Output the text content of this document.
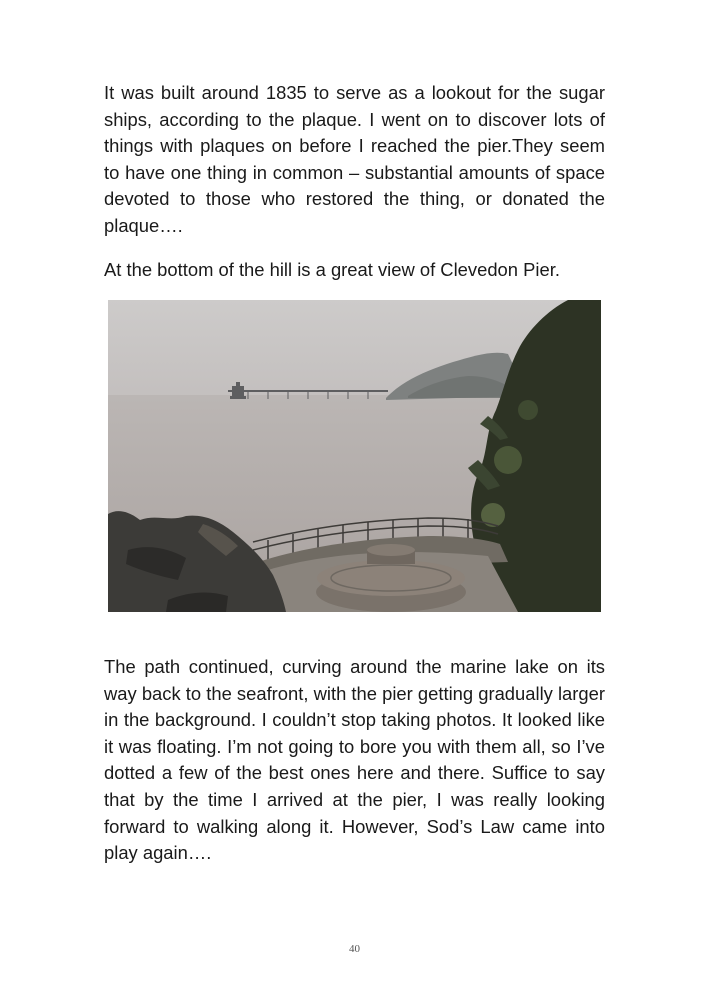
It was built around 1835 to serve as a lookout for the sugar ships, according to the plaque. I went on to discover lots of things with plaques on before I reached the pier.They seem to have one thing in common – substantial amounts of space devoted to those who restored the thing, or donated the plaque….

At the bottom of the hill is a great view of Clevedon Pier.

The path continued, curving around the marine lake on its way back to the seafront, with the pier getting gradually larger in the background. I couldn’t stop taking photos. It looked like it was floating. I’m not going to bore you with them all, so I’ve dotted a few of the best ones here and there. Suffice to say that by the time I arrived at the pier, I was really looking forward to walking along it. However, Sod’s Law came into play again….

40
